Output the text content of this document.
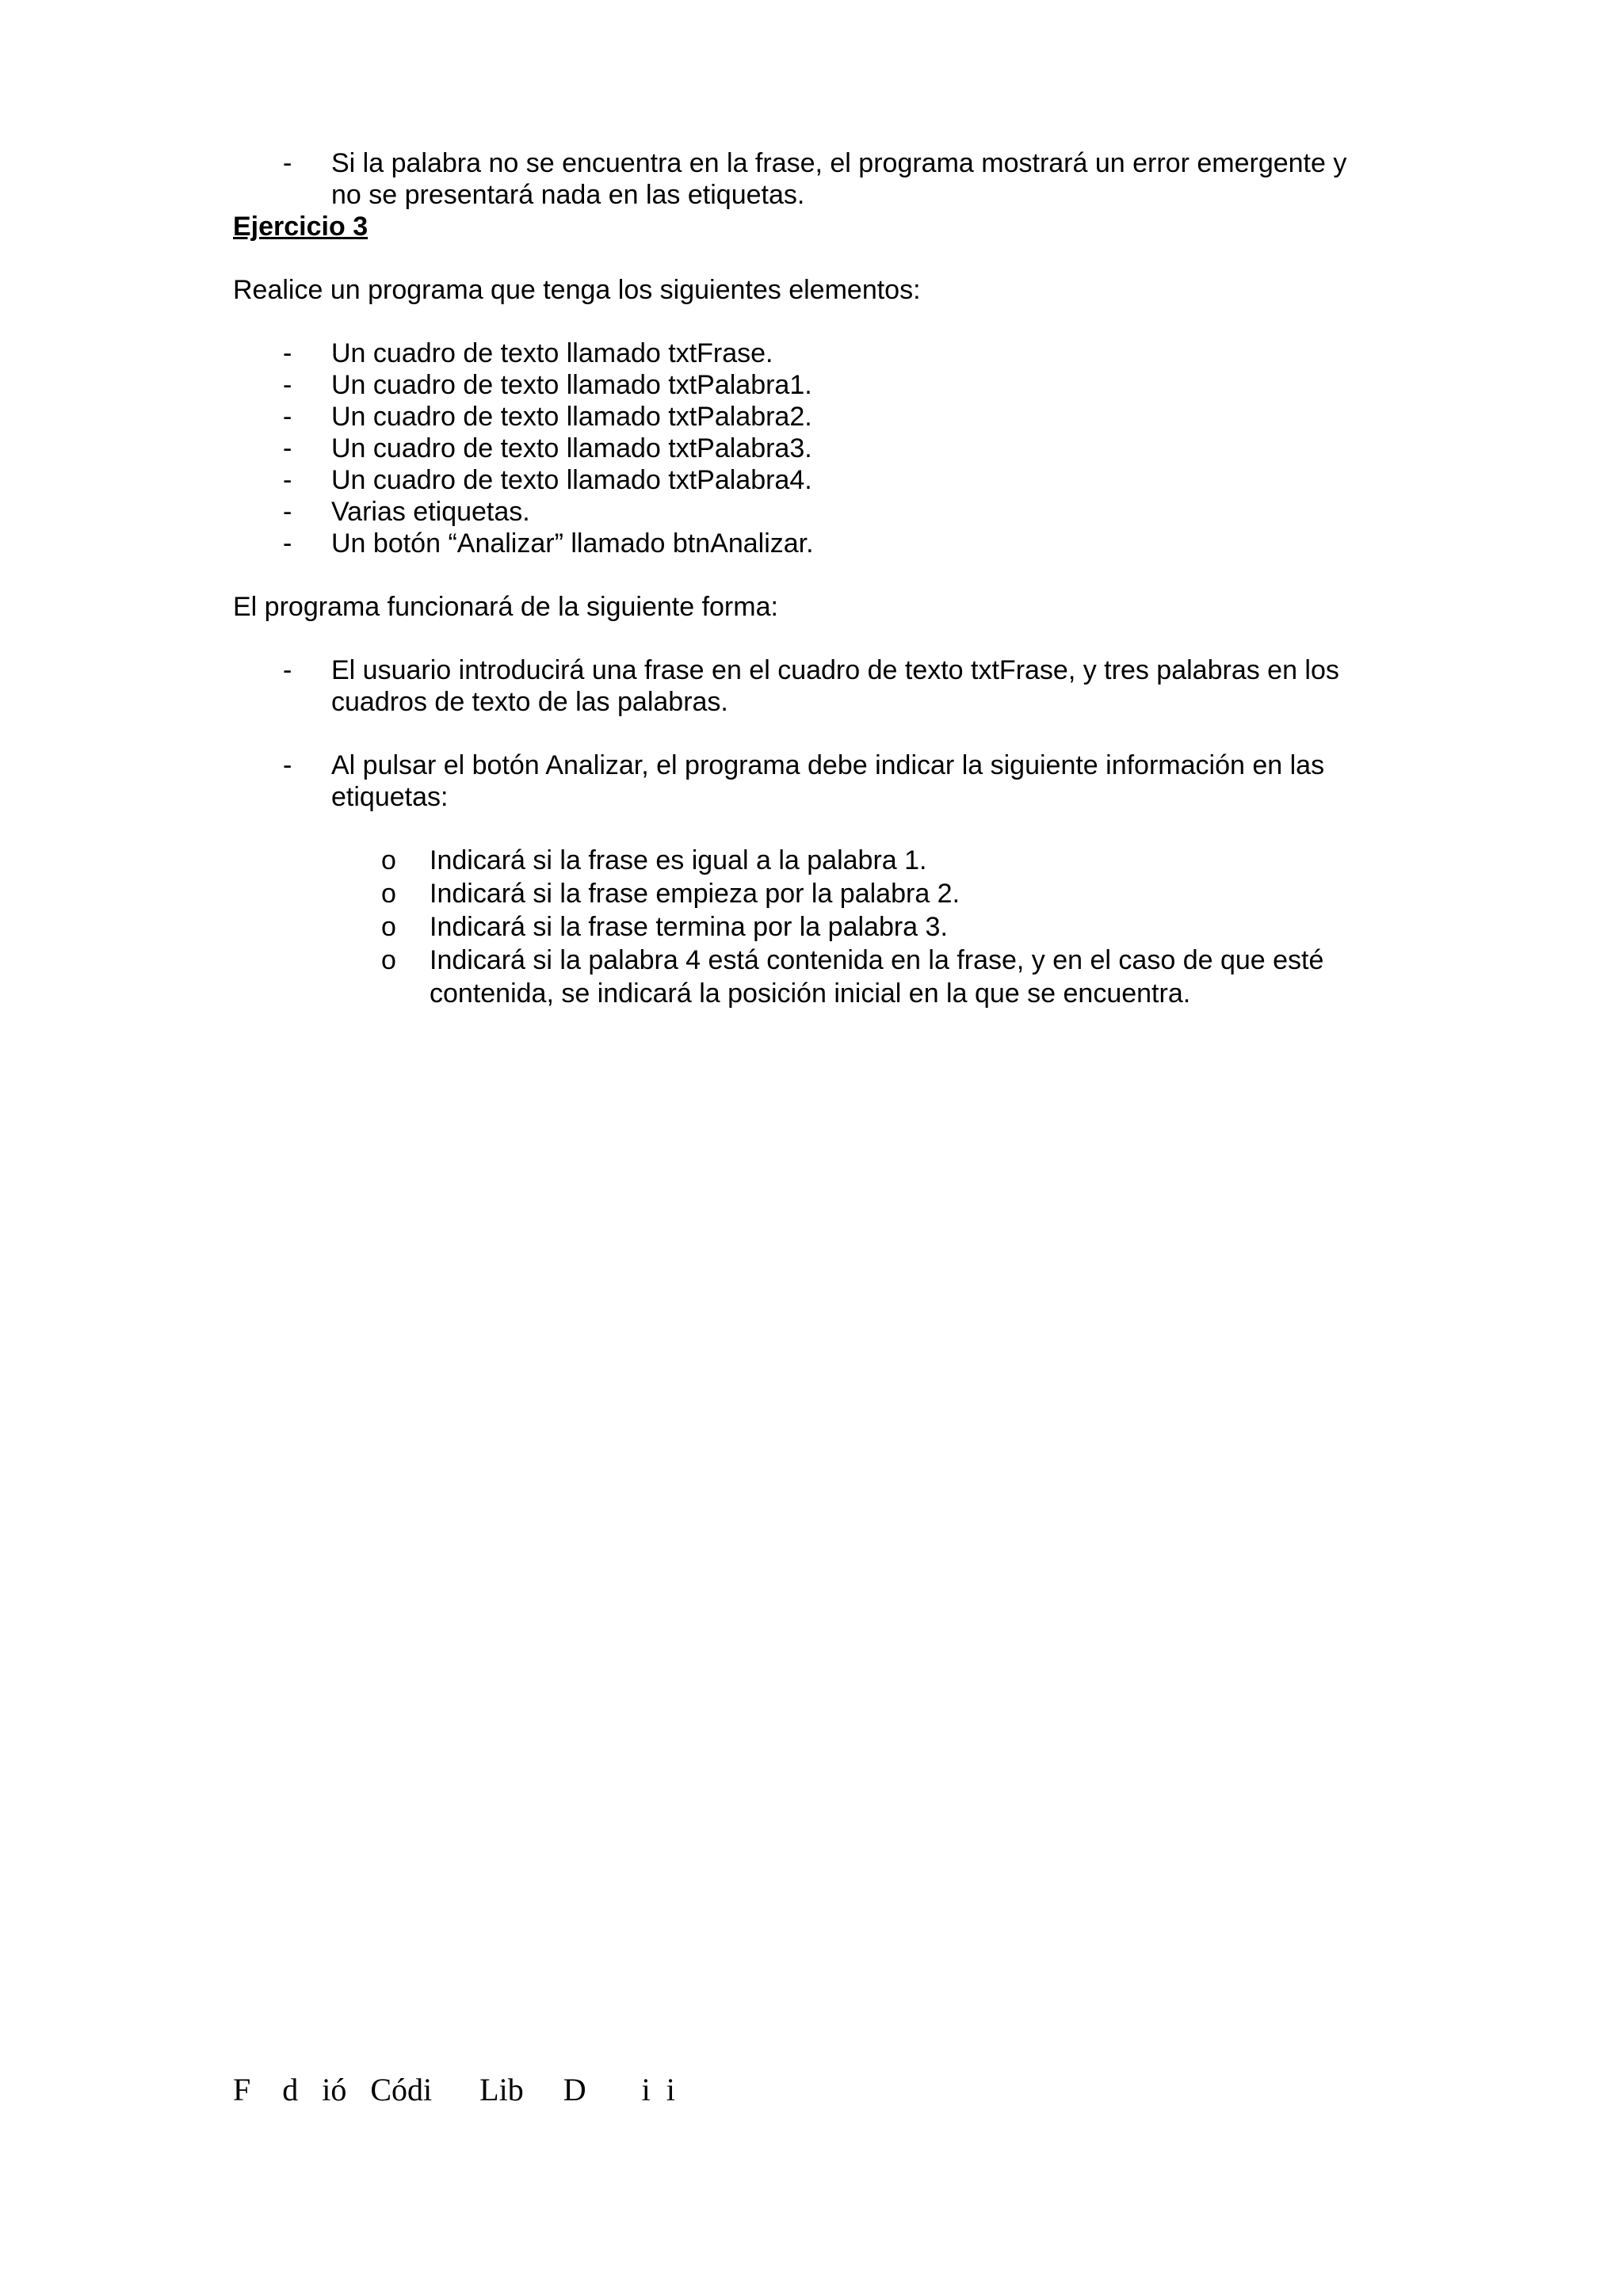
- Si la palabra no se encuentra en la frase, el programa mostrará un error emergente y
no se presentará nada en las etiquetas.
Ejercicio 3
Realice un programa que tenga los siguientes elementos:
- Un cuadro de texto llamado txtFrase.
- Un cuadro de texto llamado txtPalabra1.
- Un cuadro de texto llamado txtPalabra2.
- Un cuadro de texto llamado txtPalabra3.
- Un cuadro de texto llamado txtPalabra4.
- Varias etiquetas.
- Un botón “Analizar” llamado btnAnalizar.
El programa funcionará de la siguiente forma:
- El usuario introducirá una frase en el cuadro de texto txtFrase, y tres palabras en los
cuadros de texto de las palabras.
- Al pulsar el botón Analizar, el programa debe indicar la siguiente información en las
etiquetas:
o Indicará si la frase es igual a la palabra 1.
o Indicará si la frase empieza por la palabra 2.
o Indicará si la frase termina por la palabra 3.
o Indicará si la palabra 4 está contenida en la frase, y en el caso de que esté
contenida, se indicará la posición inicial en la que se encuentra.
F    d   ió   Códi      Lib     D       i  i
